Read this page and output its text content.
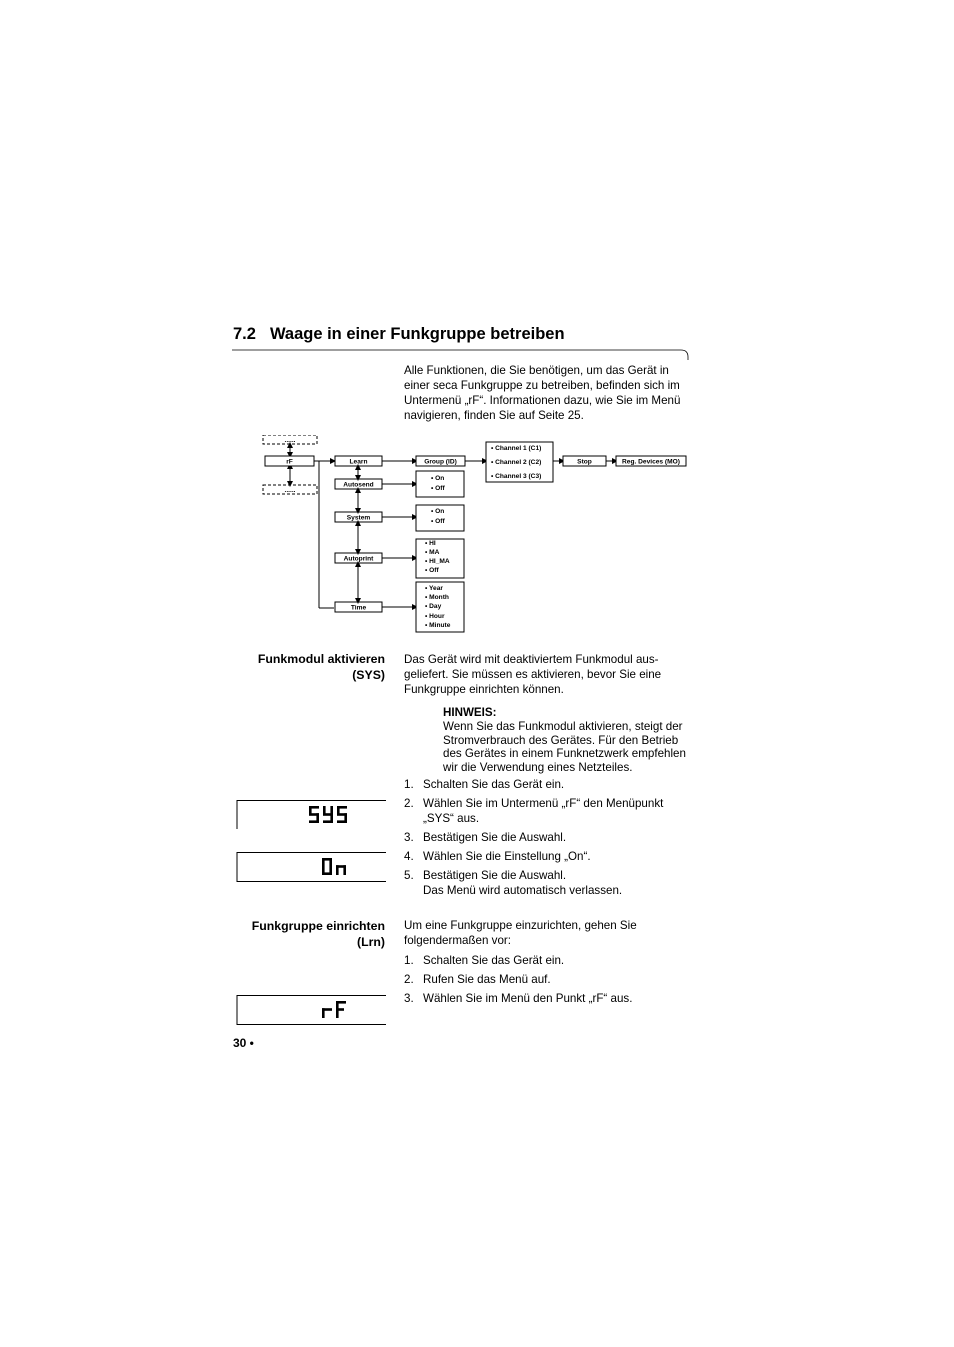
7.2 Waage in einer Funkgruppe betreiben
Alle Funktionen, die Sie benötigen, um das Gerät in
einer seca Funkgruppe zu betreiben, befinden sich im
Untermenü „rF“. Informationen dazu, wie Sie im Menü
navigieren, finden Sie auf Seite 25.
......
......
rF	Learn
Autosend
System
Autoprint
Time
Group (ID)
• Channel 1 (C1)
• Channel 2 (C2)
• Channel 3 (C3)
Stop	Reg. Devices (MO)
• On
• Off
• On
• Off
• HI
• MA
• HI_MA
• Off
• Year
• Month
• Day
• Hour
• Minute
Funkmodul aktivieren
(SYS)
Das Gerät wird mit deaktiviertem Funkmodul aus-
geliefert. Sie müssen es aktivieren, bevor Sie eine
Funkgruppe einrichten können.
HINWEIS:
Wenn Sie das Funkmodul aktivieren, steigt der
Stromverbrauch des Gerätes. Für den Betrieb
des Gerätes in einem Funknetzwerk empfehlen
wir die Verwendung eines Netzteiles.
1. Schalten Sie das Gerät ein.
2. Wählen Sie im Untermenü „rF“ den Menüpunkt
„SYS“ aus.
3. Bestätigen Sie die Auswahl.
4. Wählen Sie die Einstellung „On“.
5. Bestätigen Sie die Auswahl.
Das Menü wird automatisch verlassen.
SYS
On
Funkgruppe einrichten
(Lrn)
Um eine Funkgruppe einzurichten, gehen Sie
folgendermaßen vor:
1. Schalten Sie das Gerät ein.
2. Rufen Sie das Menü auf.
3. Wählen Sie im Menü den Punkt „rF“ aus.
rF
30 •
